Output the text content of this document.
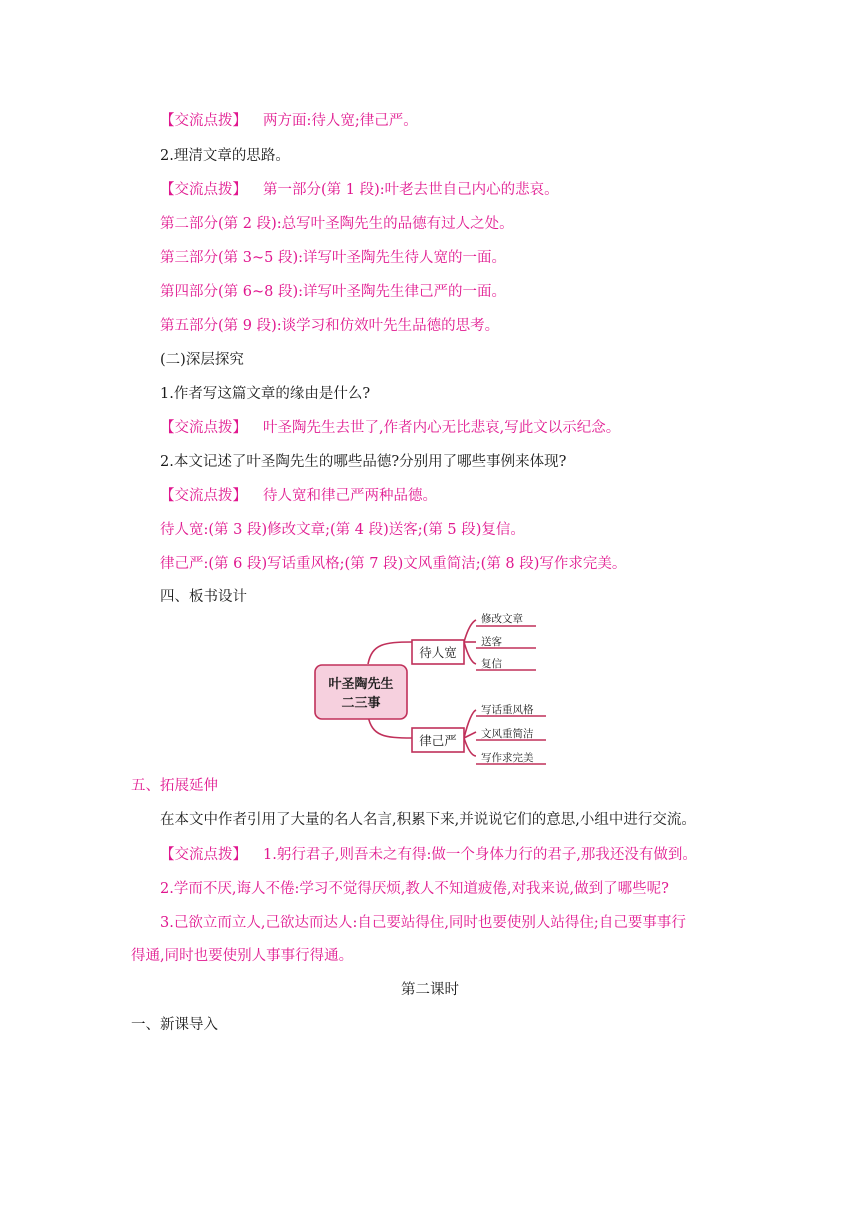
【交流点拨】 两方面:待人宽;律己严。
2.理清文章的思路。
【交流点拨】 第一部分(第 1 段):叶老去世自己内心的悲哀。
第二部分(第 2 段):总写叶圣陶先生的品德有过人之处。
第三部分(第 3~5 段):详写叶圣陶先生待人宽的一面。
第四部分(第 6~8 段):详写叶圣陶先生律己严的一面。
第五部分(第 9 段):谈学习和仿效叶先生品德的思考。
(二)深层探究
1.作者写这篇文章的缘由是什么?
【交流点拨】 叶圣陶先生去世了,作者内心无比悲哀,写此文以示纪念。
2.本文记述了叶圣陶先生的哪些品德?分别用了哪些事例来体现?
【交流点拨】 待人宽和律己严两种品德。
待人宽:(第 3 段)修改文章;(第 4 段)送客;(第 5 段)复信。
律己严:(第 6 段)写话重风格;(第 7 段)文风重简洁;(第 8 段)写作求完美。
四、板书设计
叶圣陶先生
二三事
待人宽
律己严
修改文章
送客
复信
写话重风格
文风重简洁
写作求完美
五、拓展延伸
在本文中作者引用了大量的名人名言,积累下来,并说说它们的意思,小组中进行交流。
【交流点拨】 1.躬行君子,则吾未之有得:做一个身体力行的君子,那我还没有做到。
2.学而不厌,诲人不倦:学习不觉得厌烦,教人不知道疲倦,对我来说,做到了哪些呢?
3.己欲立而立人,己欲达而达人:自己要站得住,同时也要使别人站得住;自己要事事行
得通,同时也要使别人事事行得通。
第二课时
一、新课导入
